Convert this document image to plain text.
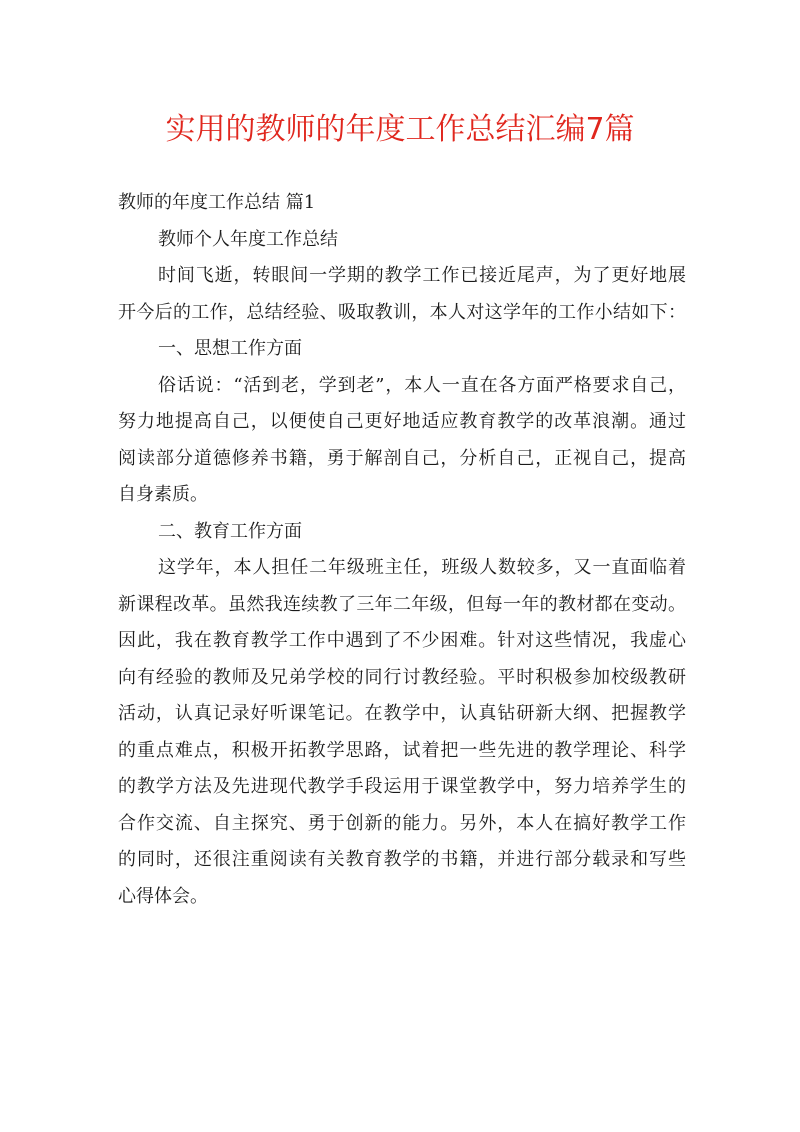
实用的教师的年度工作总结汇编7篇
教师的年度工作总结 篇1
教师个人年度工作总结
时间飞逝，转眼间一学期的教学工作已接近尾声，为了更好地展
开今后的工作，总结经验、吸取教训，本人对这学年的工作小结如下：
一、思想工作方面
俗话说：“活到老，学到老”，本人一直在各方面严格要求自己，
努力地提高自己，以便使自己更好地适应教育教学的改革浪潮。通过
阅读部分道德修养书籍，勇于解剖自己，分析自己，正视自己，提高
自身素质。
二、教育工作方面
这学年，本人担任二年级班主任，班级人数较多，又一直面临着
新课程改革。虽然我连续教了三年二年级，但每一年的教材都在变动。
因此，我在教育教学工作中遇到了不少困难。针对这些情况，我虚心
向有经验的教师及兄弟学校的同行讨教经验。平时积极参加校级教研
活动，认真记录好听课笔记。在教学中，认真钻研新大纲、把握教学
的重点难点，积极开拓教学思路，试着把一些先进的教学理论、科学
的教学方法及先进现代教学手段运用于课堂教学中，努力培养学生的
合作交流、自主探究、勇于创新的能力。另外，本人在搞好教学工作
的同时，还很注重阅读有关教育教学的书籍，并进行部分载录和写些
心得体会。
